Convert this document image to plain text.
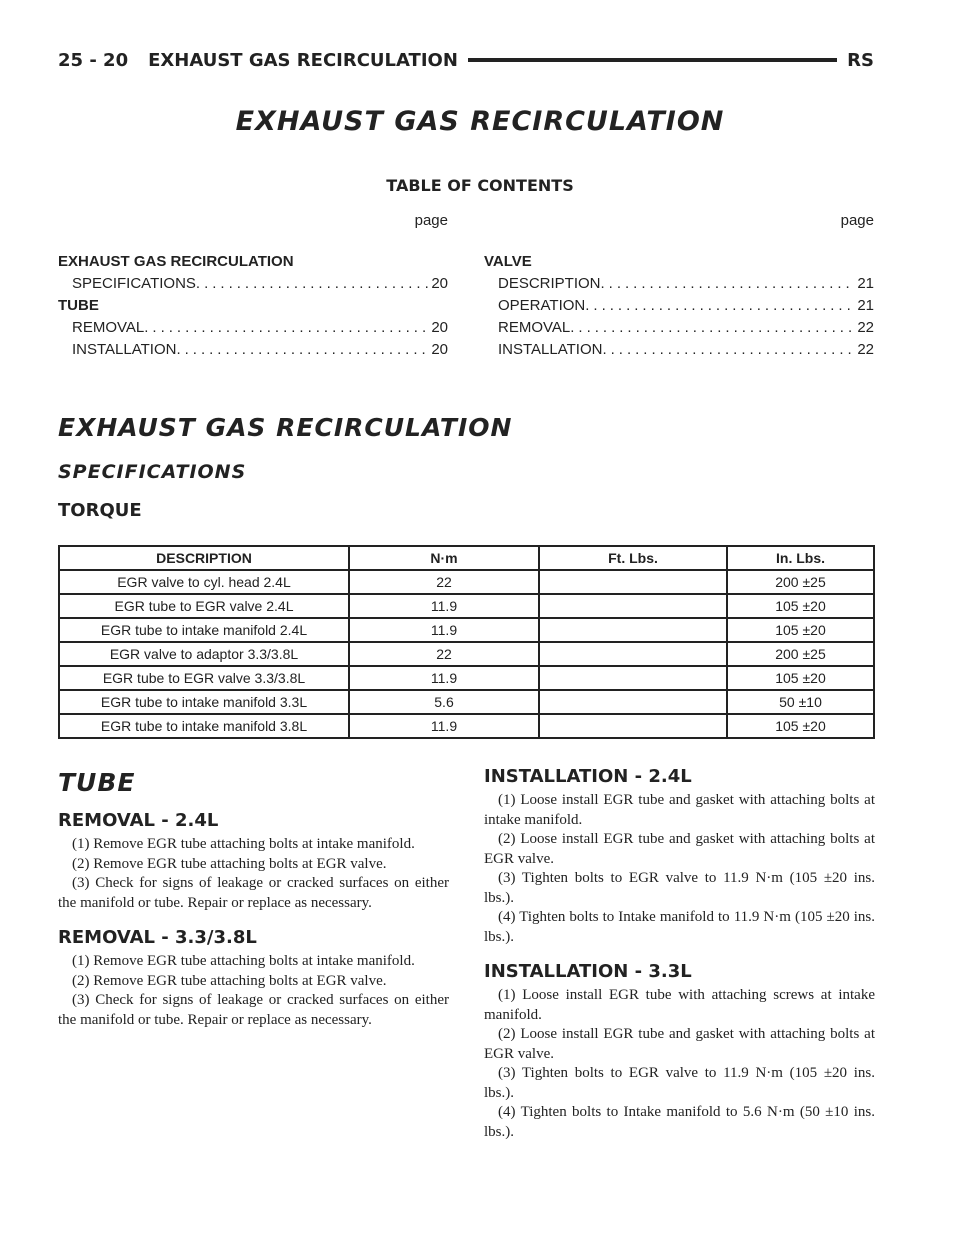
25 - 20 EXHAUST GAS RECIRCULATION	RS
EXHAUST GAS RECIRCULATION
TABLE OF CONTENTS
page
EXHAUST GAS RECIRCULATION
SPECIFICATIONS .....	20
TUBE
REMOVAL .....	20
INSTALLATION .....	20
page
VALVE
DESCRIPTION .....	21
OPERATION .....	21
REMOVAL .....	22
INSTALLATION .....	22
EXHAUST GAS RECIRCULATION
SPECIFICATIONS
TORQUE
DESCRIPTION	N·m	Ft. Lbs.	In. Lbs.
EGR valve to cyl. head 2.4L	22		200 ±25
EGR tube to EGR valve 2.4L	11.9		105 ±20
EGR tube to intake manifold 2.4L	11.9		105 ±20
EGR valve to adaptor 3.3/3.8L	22		200 ±25
EGR tube to EGR valve 3.3/3.8L	11.9		105 ±20
EGR tube to intake manifold 3.3L	5.6		50 ±10
EGR tube to intake manifold 3.8L	11.9		105 ±20
TUBE
REMOVAL - 2.4L

(1) Remove EGR tube attaching bolts at intake manifold.

(2) Remove EGR tube attaching bolts at EGR valve.

(3) Check for signs of leakage or cracked surfaces on either the manifold or tube. Repair or replace as necessary.

REMOVAL - 3.3/3.8L

(1) Remove EGR tube attaching bolts at intake manifold.

(2) Remove EGR tube attaching bolts at EGR valve.

(3) Check for signs of leakage or cracked surfaces on either the manifold or tube. Repair or replace as necessary.

INSTALLATION - 2.4L

(1) Loose install EGR tube and gasket with attaching bolts at intake manifold.

(2) Loose install EGR tube and gasket with attaching bolts at EGR valve.

(3) Tighten bolts to EGR valve to 11.9 N·m (105 ±20 ins. lbs.).

(4) Tighten bolts to Intake manifold to 11.9 N·m (105 ±20 ins. lbs.).

INSTALLATION - 3.3L

(1) Loose install EGR tube with attaching screws at intake manifold.

(2) Loose install EGR tube and gasket with attaching bolts at EGR valve.

(3) Tighten bolts to EGR valve to 11.9 N·m (105 ±20 ins. lbs.).

(4) Tighten bolts to Intake manifold to 5.6 N·m (50 ±10 ins. lbs.).
